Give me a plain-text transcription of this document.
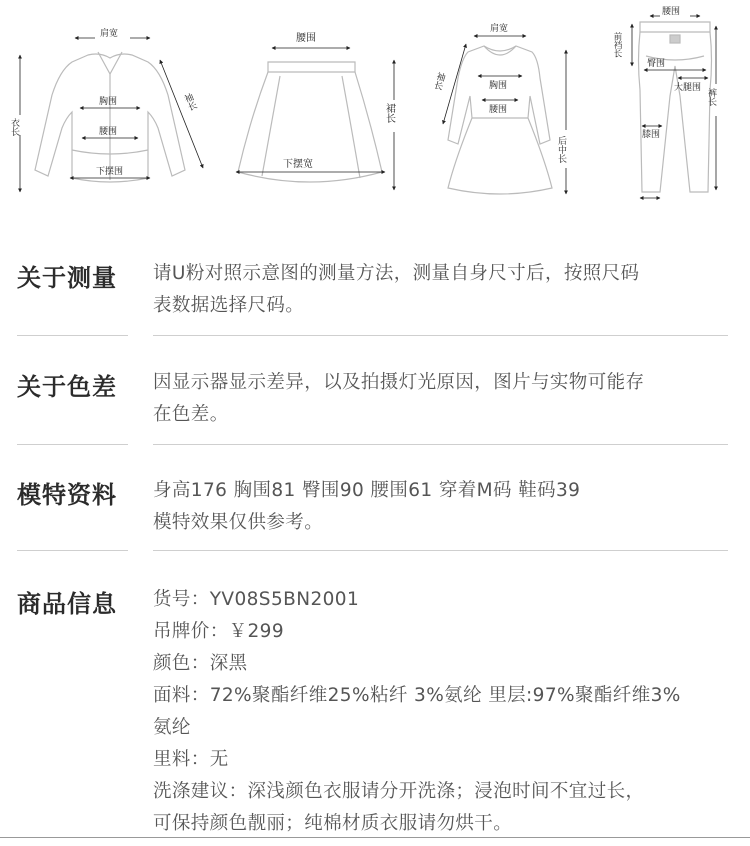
肩宽
胸围
腰围
下摆围
衣长
袖长
腰围
下摆宽
裙长
肩宽
袖长	胸围
腰围
后中长
腰围
前裆长
臀围
大腿围
膝围
裤长
关于测量 请U粉对照示意图的测量方法，测量自身尺寸后，按照尺码
表数据选择尺码。
关于色差 因显示器显示差异，以及拍摄灯光原因，图片与实物可能存
在色差。
模特资料 身高176 胸围81 臀围90 腰围61 穿着M码 鞋码39
模特效果仅供参考。
商品信息 货号：YV08S5BN2001
吊牌价：￥299
颜色：深黑
面料：72%聚酯纤维25%粘纤 3%氨纶 里层:97%聚酯纤维3%
氨纶
里料：无
洗涤建议：深浅颜色衣服请分开洗涤；浸泡时间不宜过长，
可保持颜色靓丽；纯棉材质衣服请勿烘干。
